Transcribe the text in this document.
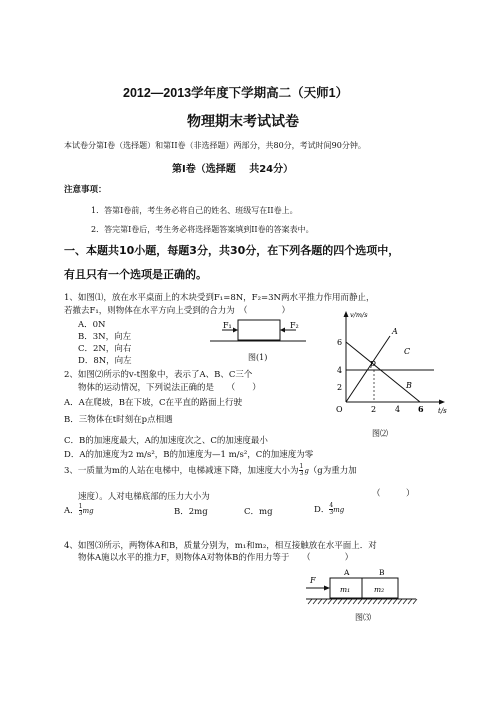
2012—2013学年度下学期高二（天师1）
物理期末考试试卷
本试卷分第I卷（选择题）和第II卷（非选择题）两部分，共80分，考试时间90分钟。
第I卷（选择题　 共24分）
注意事项：
1．答第I卷前，考生务必将自己的姓名、班级写在II卷上。
2．答完第I卷后，考生务必将选择题答案填到II卷的答案表中。
一、本题共10小题，每题3分，共30分，在下列各题的四个选项中，
有且只有一个选项是正确的。
1、如图⑴，放在水平桌面上的木块受到F₁=8N，F₂=3N两水平推力作用而静止，
若撤去F₁，则物体在水平方向上受到的合力为　（　　　　）
A．0N
B．3N，向左
C．2N，向右
D．8N，向左
F₁	F₂
图(1)
2、如图⑵所示的v-t图象中，表示了A、B、C三个
物体的运动情况，下列说法正确的是　　（　　）
A．A在爬坡，B在下坡，C在平直的路面上行驶
B．三物体在t时刻在p点相遇
C．B的加速度最大，A的加速度次之、C的加速度最小
D．A的加速度为2 m/s²，B的加速度为—1 m/s²，C的加速度为零
v/m/s
t/s
O
2
4
6
2 4 6
A
C
B
p
图⑵
3、一质量为m的人站在电梯中，电梯减速下降，加速度大小为 $\frac{1}{3} g(g$为重力加
速度）。人对电梯底部的压力大小为	（　　　）
A． $\frac{1}{3}$ mg	B．2mg	C．mg	D． $\frac{4}{3}$ mg
4、如图⑶所示，两物体A和B，质量分别为，m₁和m₂，相互接触放在水平面上．对
物体A施以水平的推力F，则物体A对物体B的作用力等于　　（　　　　）
A	B
m₁	m₂
F
图⑶
